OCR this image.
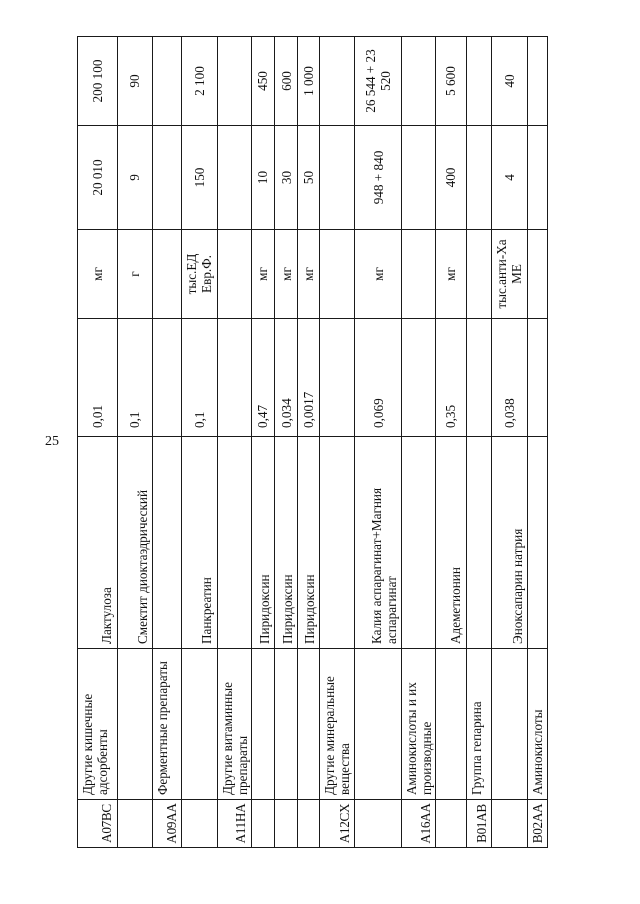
25
A07BC
Другие кишечные адсорбенты
Лактулоза
0,01
мг
20 010
200 100
Смектит диоктаэдрический
0,1
г
9
90
A09AA
Ферментные препараты
Панкреатин
0,1
тыс.ЕД Евр.Ф.
150
2 100
A11HA
Другие витаминные препараты
Пиридоксин
0,47
мг
10
450
Пиридоксин
0,034
мг
30
600
Пиридоксин
0,0017
мг
50
1 000
A12CX
Другие минеральные вещества
Калия аспарагинат+Магния аспарагинат
0,069
мг
948 + 840
26 544 + 23 520
A16AA
Аминокислоты и их производные
Адеметионин
0,35
мг
400
5 600
B01AB
Группа гепарина
Эноксапарин натрия
0,038
тыс.анти-Ха МЕ
4
40
B02AA
Аминокислоты
